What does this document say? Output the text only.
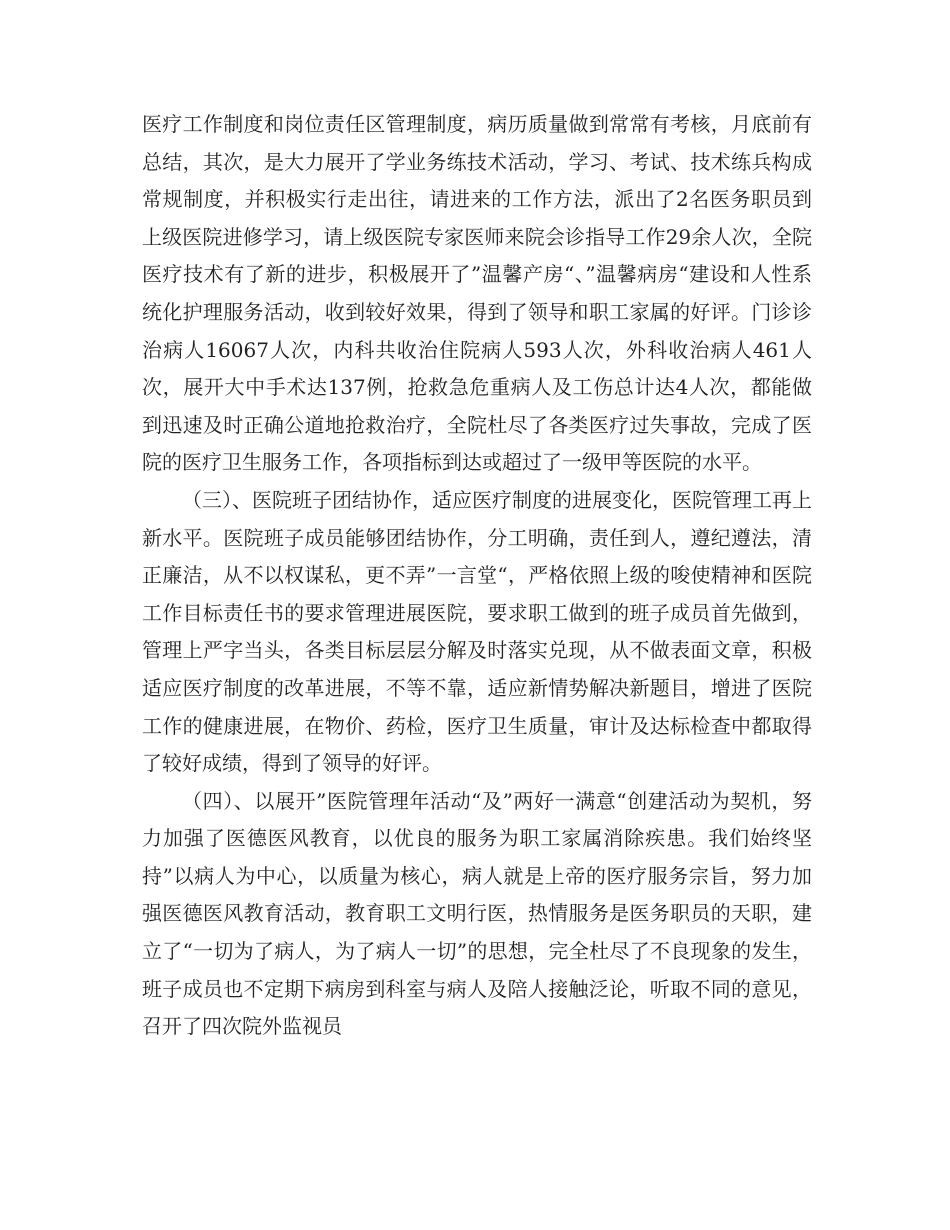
医疗工作制度和岗位责任区管理制度，病历质量做到常常有考核，月底前有总结，其次，是大力展开了学业务练技术活动，学习、考试、技术练兵构成常规制度，并积极实行走出往，请进来的工作方法，派出了2名医务职员到上级医院进修学习，请上级医院专家医师来院会诊指导工作29余人次，全院医疗技术有了新的进步，积极展开了”温馨产房“、”温馨病房“建设和人性系统化护理服务活动，收到较好效果，得到了领导和职工家属的好评。门诊诊治病人16067人次，内科共收治住院病人593人次，外科收治病人461人次，展开大中手术达137例，抢救急危重病人及工伤总计达4人次，都能做到迅速及时正确公道地抢救治疗，全院杜尽了各类医疗过失事故，完成了医院的医疗卫生服务工作，各项指标到达或超过了一级甲等医院的水平。

（三）、医院班子团结协作，适应医疗制度的进展变化，医院管理工再上新水平。医院班子成员能够团结协作，分工明确，责任到人，遵纪遵法，清正廉洁，从不以权谋私，更不弄”一言堂“，严格依照上级的唆使精神和医院工作目标责任书的要求管理进展医院，要求职工做到的班子成员首先做到，管理上严字当头，各类目标层层分解及时落实兑现，从不做表面文章，积极适应医疗制度的改革进展，不等不靠，适应新情势解决新题目，增进了医院工作的健康进展，在物价、药检，医疗卫生质量，审计及达标检查中都取得了较好成绩，得到了领导的好评。

（四）、以展开”医院管理年活动“及”两好一满意“创建活动为契机，努力加强了医德医风教育，以优良的服务为职工家属消除疾患。我们始终坚持”以病人为中心，以质量为核心，病人就是上帝的医疗服务宗旨，努力加强医德医风教育活动，教育职工文明行医，热情服务是医务职员的天职，建立了“一切为了病人，为了病人一切”的思想，完全杜尽了不良现象的发生，班子成员也不定期下病房到科室与病人及陪人接触泛论，听取不同的意见，召开了四次院外监视员
